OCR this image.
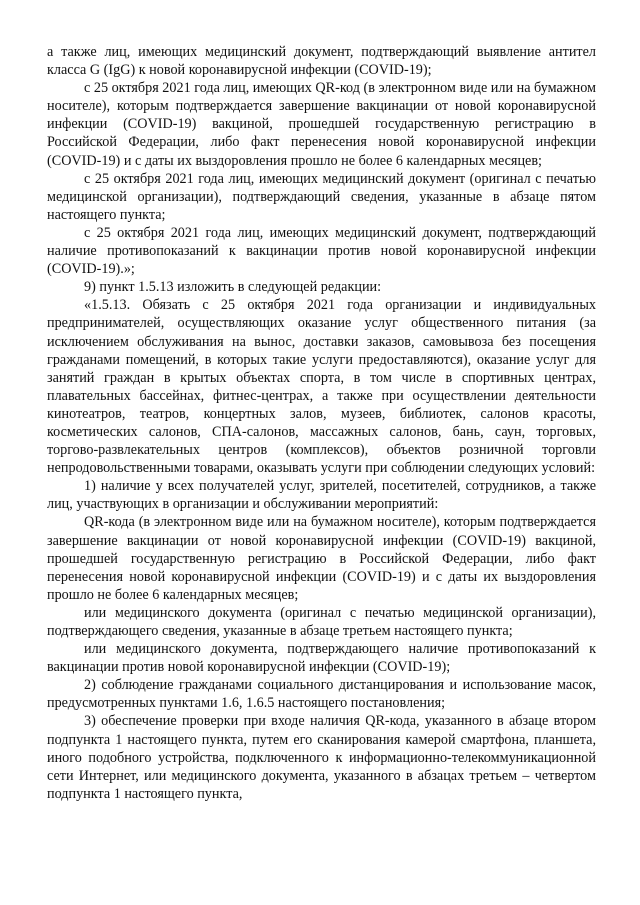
а также лиц, имеющих медицинский документ, подтверждающий выявление антител класса G (IgG) к новой коронавирусной инфекции (COVID-19);

с 25 октября 2021 года лиц, имеющих QR-код (в электронном виде или на бумажном носителе), которым подтверждается завершение вакцинации от новой коронавирусной инфекции (COVID-19) вакциной, прошедшей государственную регистрацию в Российской Федерации, либо факт перенесения новой коронавирусной инфекции (COVID-19) и с даты их выздоровления прошло не более 6 календарных месяцев;

с 25 октября 2021 года лиц, имеющих медицинский документ (оригинал с печатью медицинской организации), подтверждающий сведения, указанные в абзаце пятом настоящего пункта;

с 25 октября 2021 года лиц, имеющих медицинский документ, подтверждающий наличие противопоказаний к вакцинации против новой коронавирусной инфекции (COVID-19).»;

9) пункт 1.5.13 изложить в следующей редакции:

«1.5.13. Обязать с 25 октября 2021 года организации и индивидуальных предпринимателей, осуществляющих оказание услуг общественного питания (за исключением обслуживания на вынос, доставки заказов, самовывоза без посещения гражданами помещений, в которых такие услуги предоставляются), оказание услуг для занятий граждан в крытых объектах спорта, в том числе в спортивных центрах, плавательных бассейнах, фитнес-центрах, а также при осуществлении деятельности кинотеатров, театров, концертных залов, музеев, библиотек, салонов красоты, косметических салонов, СПА-салонов, массажных салонов, бань, саун, торговых, торгово-развлекательных центров (комплексов), объектов розничной торговли непродовольственными товарами, оказывать услуги при соблюдении следующих условий:

1) наличие у всех получателей услуг, зрителей, посетителей, сотрудников, а также лиц, участвующих в организации и обслуживании мероприятий:

QR-кода (в электронном виде или на бумажном носителе), которым подтверждается завершение вакцинации от новой коронавирусной инфекции (COVID-19) вакциной, прошедшей государственную регистрацию в Российской Федерации, либо факт перенесения новой коронавирусной инфекции (COVID-19) и с даты их выздоровления прошло не более 6 календарных месяцев;

или медицинского документа (оригинал с печатью медицинской организации), подтверждающего сведения, указанные в абзаце третьем настоящего пункта;

или медицинского документа, подтверждающего наличие противопоказаний к вакцинации против новой коронавирусной инфекции (COVID-19);

2) соблюдение гражданами социального дистанцирования и использование масок, предусмотренных пунктами 1.6, 1.6.5 настоящего постановления;

3) обеспечение проверки при входе наличия QR-кода, указанного в абзаце втором подпункта 1 настоящего пункта, путем его сканирования камерой смартфона, планшета, иного подобного устройства, подключенного к информационно-телекоммуникационной сети Интернет, или медицинского документа, указанного в абзацах третьем – четвертом подпункта 1 настоящего пункта,
